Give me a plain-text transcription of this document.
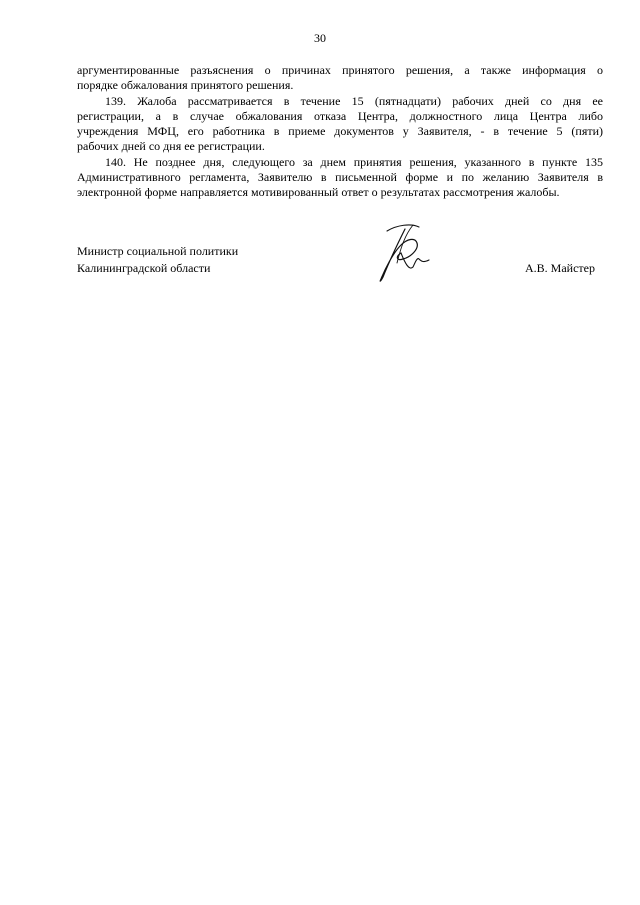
30

аргументированные разъяснения о причинах принятого решения, а также информация о
порядке обжалования принятого решения.

139. Жалоба рассматривается в течение 15 (пятнадцати) рабочих дней со дня ее
регистрации, а в случае обжалования отказа Центра, должностного лица Центра либо
учреждения МФЦ, его работника в приеме документов у Заявителя, - в течение 5 (пяти)
рабочих дней со дня ее регистрации.

140. Не позднее дня, следующего за днем принятия решения, указанного в пункте 135
Административного регламента, Заявителю в письменной форме и по желанию Заявителя в
электронной форме направляется мотивированный ответ о результатах рассмотрения жалобы.

Министр социальной политики
Калининградской области	А.В. Майстер
